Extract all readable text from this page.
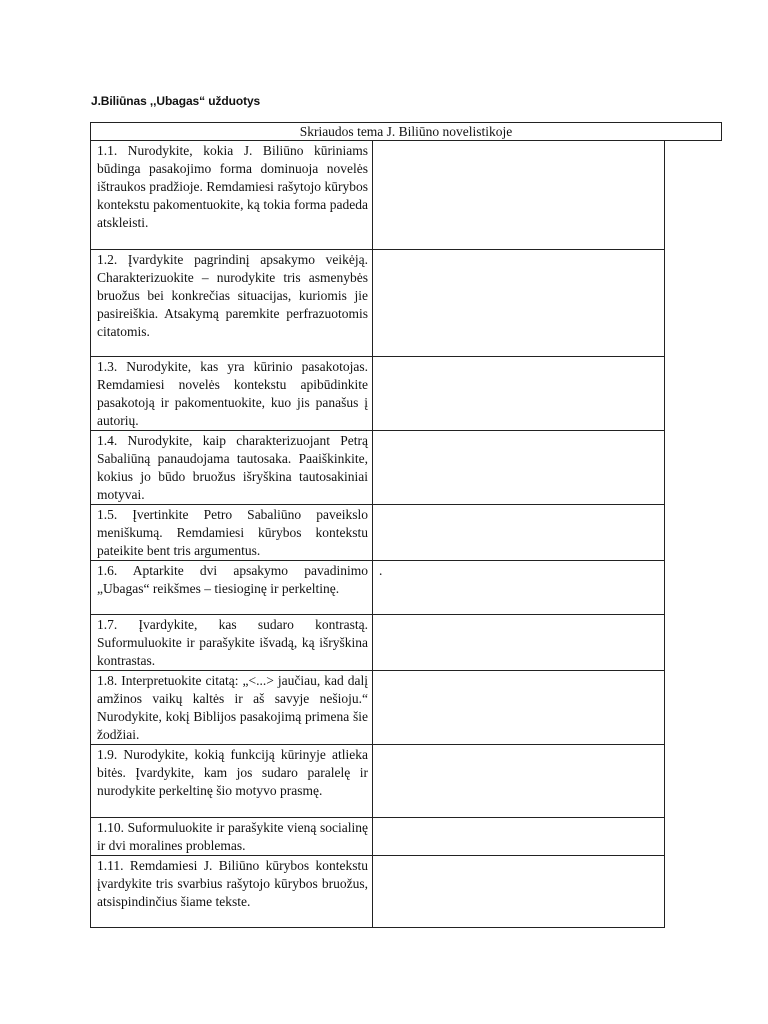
J.Biliūnas ,,Ubagas“ užduotys
Skriaudos tema J. Biliūno novelistikoje
1.1. Nurodykite, kokia J. Biliūno kūriniams būdinga pasakojimo forma dominuoja novelės ištraukos pradžioje. Remdamiesi rašytojo kūrybos kontekstu pakomentuokite, ką tokia forma padeda atskleisti.	
1.2. Įvardykite pagrindinį apsakymo veikėją. Charakterizuokite – nurodykite tris asmenybės bruožus bei konkrečias situacijas, kuriomis jie pasireiškia. Atsakymą paremkite perfrazuotomis citatomis.	
1.3. Nurodykite, kas yra kūrinio pasakotojas. Remdamiesi novelės kontekstu apibūdinkite pasakotoją ir pakomentuokite, kuo jis panašus į autorių.	
1.4. Nurodykite, kaip charakterizuojant Petrą Sabaliūną panaudojama tautosaka. Paaiškinkite, kokius jo būdo bruožus išryškina tautosakiniai motyvai.	
1.5. Įvertinkite Petro Sabaliūno paveikslo meniškumą. Remdamiesi kūrybos kontekstu pateikite bent tris argumentus.	
1.6. Aptarkite dvi apsakymo pavadinimo „Ubagas“ reikšmes – tiesioginę ir perkeltinę.	.
1.7. Įvardykite, kas sudaro kontrastą. Suformuluokite ir parašykite išvadą, ką išryškina kontrastas.	
1.8. Interpretuokite citatą: „<...> jaučiau, kad dalį amžinos vaikų kaltės ir aš savyje nešioju.“ Nurodykite, kokį Biblijos pasakojimą primena šie žodžiai.	
1.9. Nurodykite, kokią funkciją kūrinyje atlieka bitės. Įvardykite, kam jos sudaro paralelę ir nurodykite perkeltinę šio motyvo prasmę.	
1.10. Suformuluokite ir parašykite vieną socialinę ir dvi moralines problemas.	
1.11. Remdamiesi J. Biliūno kūrybos kontekstu įvardykite tris svarbius rašytojo kūrybos bruožus, atsispindinčius šiame tekste.	
